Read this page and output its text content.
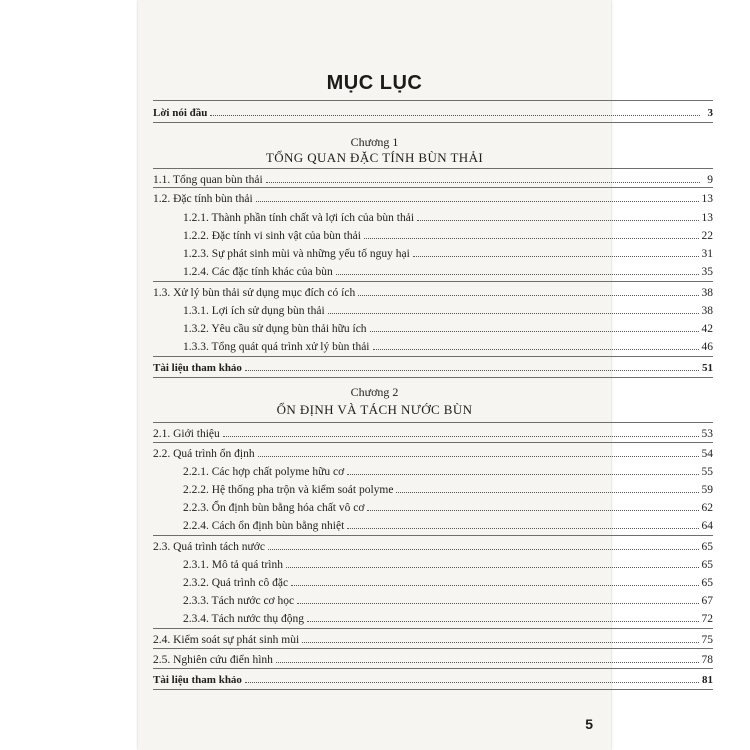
MỤC LỤC
Lời nói đầu	3
Chương 1
TỔNG QUAN ĐẶC TÍNH BÙN THẢI
1.1. Tổng quan bùn thải	9
1.2. Đặc tính bùn thải	13
1.2.1. Thành phần tính chất và lợi ích của bùn thải	13
1.2.2. Đặc tính vi sinh vật của bùn thải	22
1.2.3. Sự phát sinh mùi và những yếu tố nguy hại	31
1.2.4. Các đặc tính khác của bùn	35
1.3. Xử lý bùn thải sử dụng mục đích có ích	38
1.3.1. Lợi ích sử dụng bùn thải	38
1.3.2. Yêu cầu sử dụng bùn thải hữu ích	42
1.3.3. Tổng quát quá trình xử lý bùn thải	46
Tài liệu tham khảo	51
Chương 2
ỔN ĐỊNH VÀ TÁCH NƯỚC BÙN
2.1. Giới thiệu	53
2.2. Quá trình ổn định	54
2.2.1. Các hợp chất polyme hữu cơ	55
2.2.2. Hệ thống pha trộn và kiểm soát polyme	59
2.2.3. Ổn định bùn bằng hóa chất vô cơ	62
2.2.4. Cách ổn định bùn bằng nhiệt	64
2.3. Quá trình tách nước	65
2.3.1. Mô tả quá trình	65
2.3.2. Quá trình cô đặc	65
2.3.3. Tách nước cơ học	67
2.3.4. Tách nước thụ động	72
2.4. Kiểm soát sự phát sinh mùi	75
2.5. Nghiên cứu điển hình	78
Tài liệu tham khảo	81
5
